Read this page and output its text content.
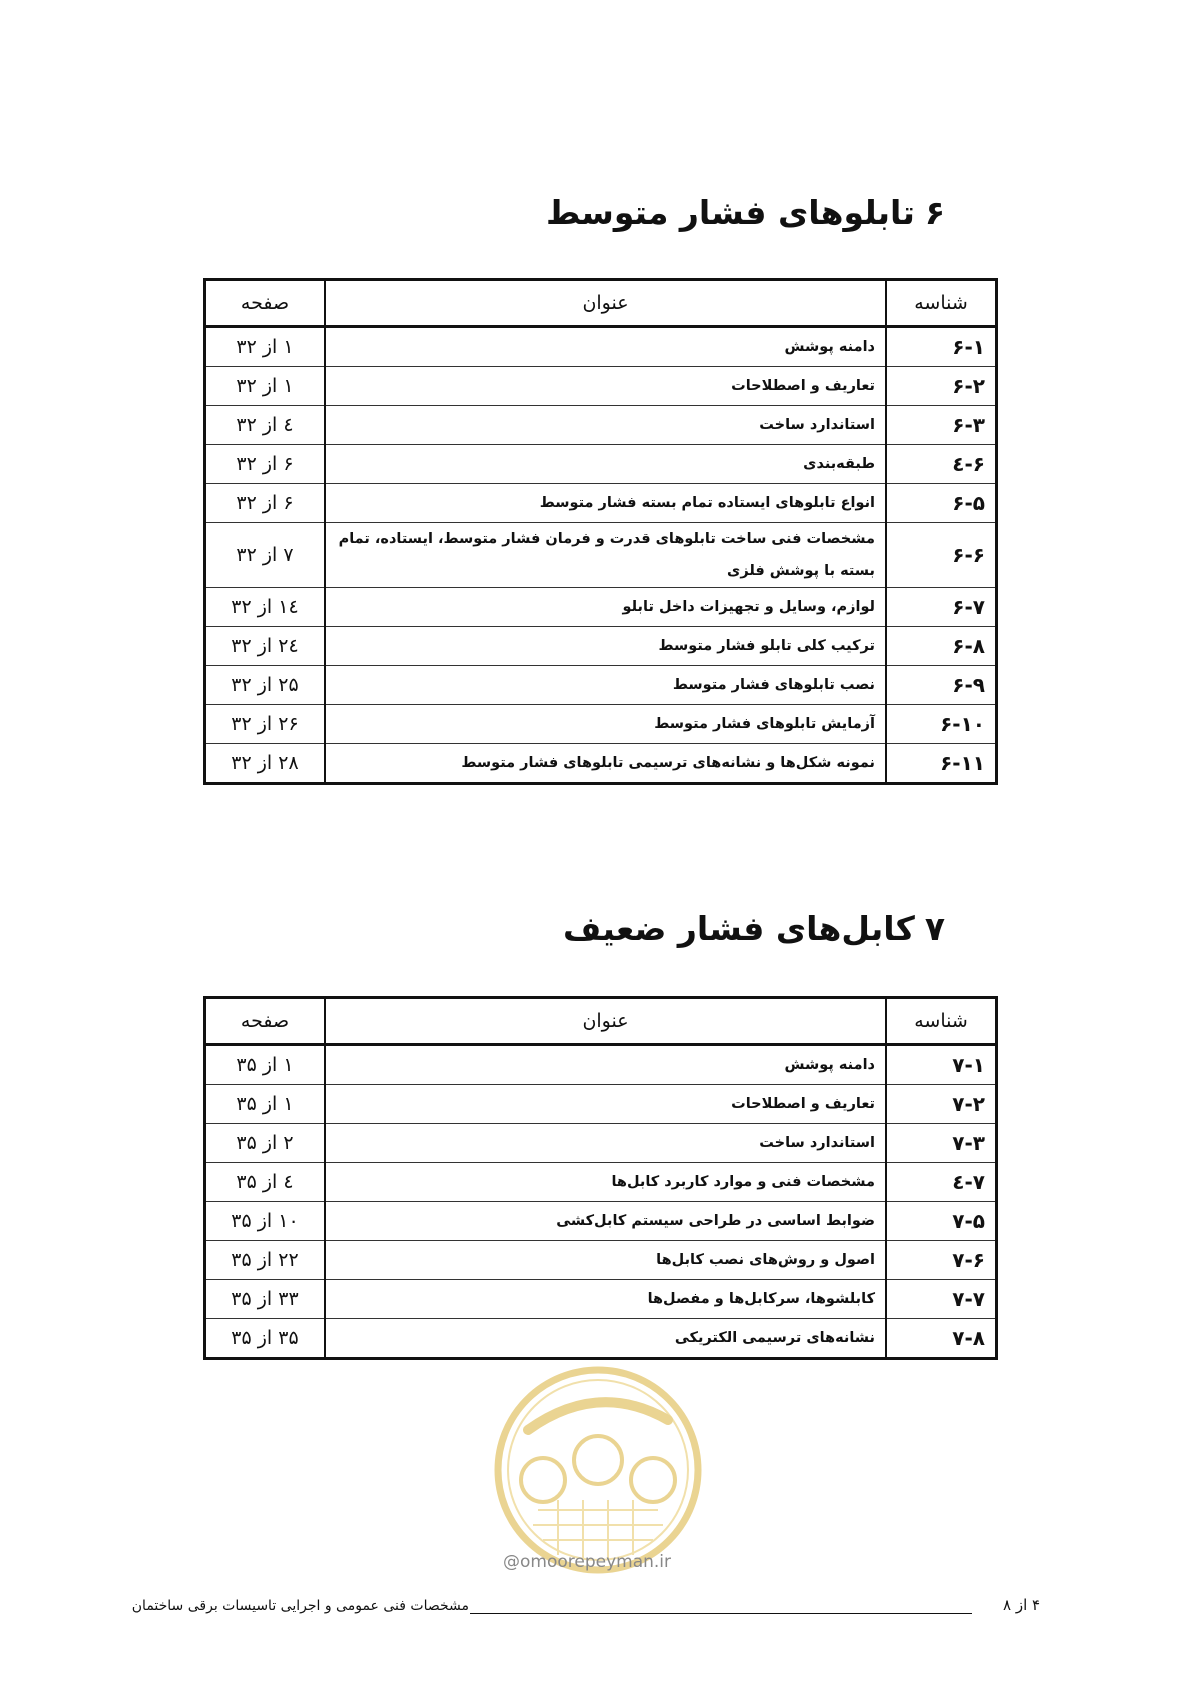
۶تابلوهای فشار متوسط
شناسه	عنوان	صفحه
۶-۱	دامنه پوشش	۱ از ۳۲
۶-۲	تعاریف و اصطلاحات	۱ از ۳۲
۶-۳	استاندارد ساخت	٤ از ۳۲
۶-٤	طبقه‌بندی	۶ از ۳۲
۶-۵	انواع تابلوهای ایستاده تمام بسته فشار متوسط	۶ از ۳۲
۶-۶	مشخصات فنی ساخت تابلوهای قدرت و فرمان فشار متوسط، ایستاده، تمام بسته با پوشش فلزی	۷ از ۳۲
۶-۷	لوازم، وسایل و تجهیزات داخل تابلو	۱٤ از ۳۲
۶-۸	ترکیب کلی تابلو فشار متوسط	۲٤ از ۳۲
۶-۹	نصب تابلوهای فشار متوسط	۲۵ از ۳۲
۶-۱۰	آزمایش تابلوهای فشار متوسط	۲۶ از ۳۲
۶-۱۱	نمونه شکل‌ها و نشانه‌های ترسیمی تابلوهای فشار متوسط	۲۸ از ۳۲
۷کابل‌های فشار ضعیف
شناسه	عنوان	صفحه
۷-۱	دامنه پوشش	۱ از ۳۵
۷-۲	تعاریف و اصطلاحات	۱ از ۳۵
۷-۳	استاندارد ساخت	۲ از ۳۵
۷-٤	مشخصات فنی و موارد کاربرد کابل‌ها	٤ از ۳۵
۷-۵	ضوابط اساسی در طراحی سیستم کابل‌کشی	۱۰ از ۳۵
۷-۶	اصول و روش‌های نصب کابل‌ها	۲۲ از ۳۵
۷-۷	کابلشوها، سرکابل‌ها و مفصل‌ها	۳۳ از ۳۵
۷-۸	نشانه‌های ترسیمی الکتریکی	۳۵ از ۳۵
@omoorepeyman.ir
مشخصات فنی عمومی و اجرایی تاسیسات برقی ساختمان	۴ از ۸
